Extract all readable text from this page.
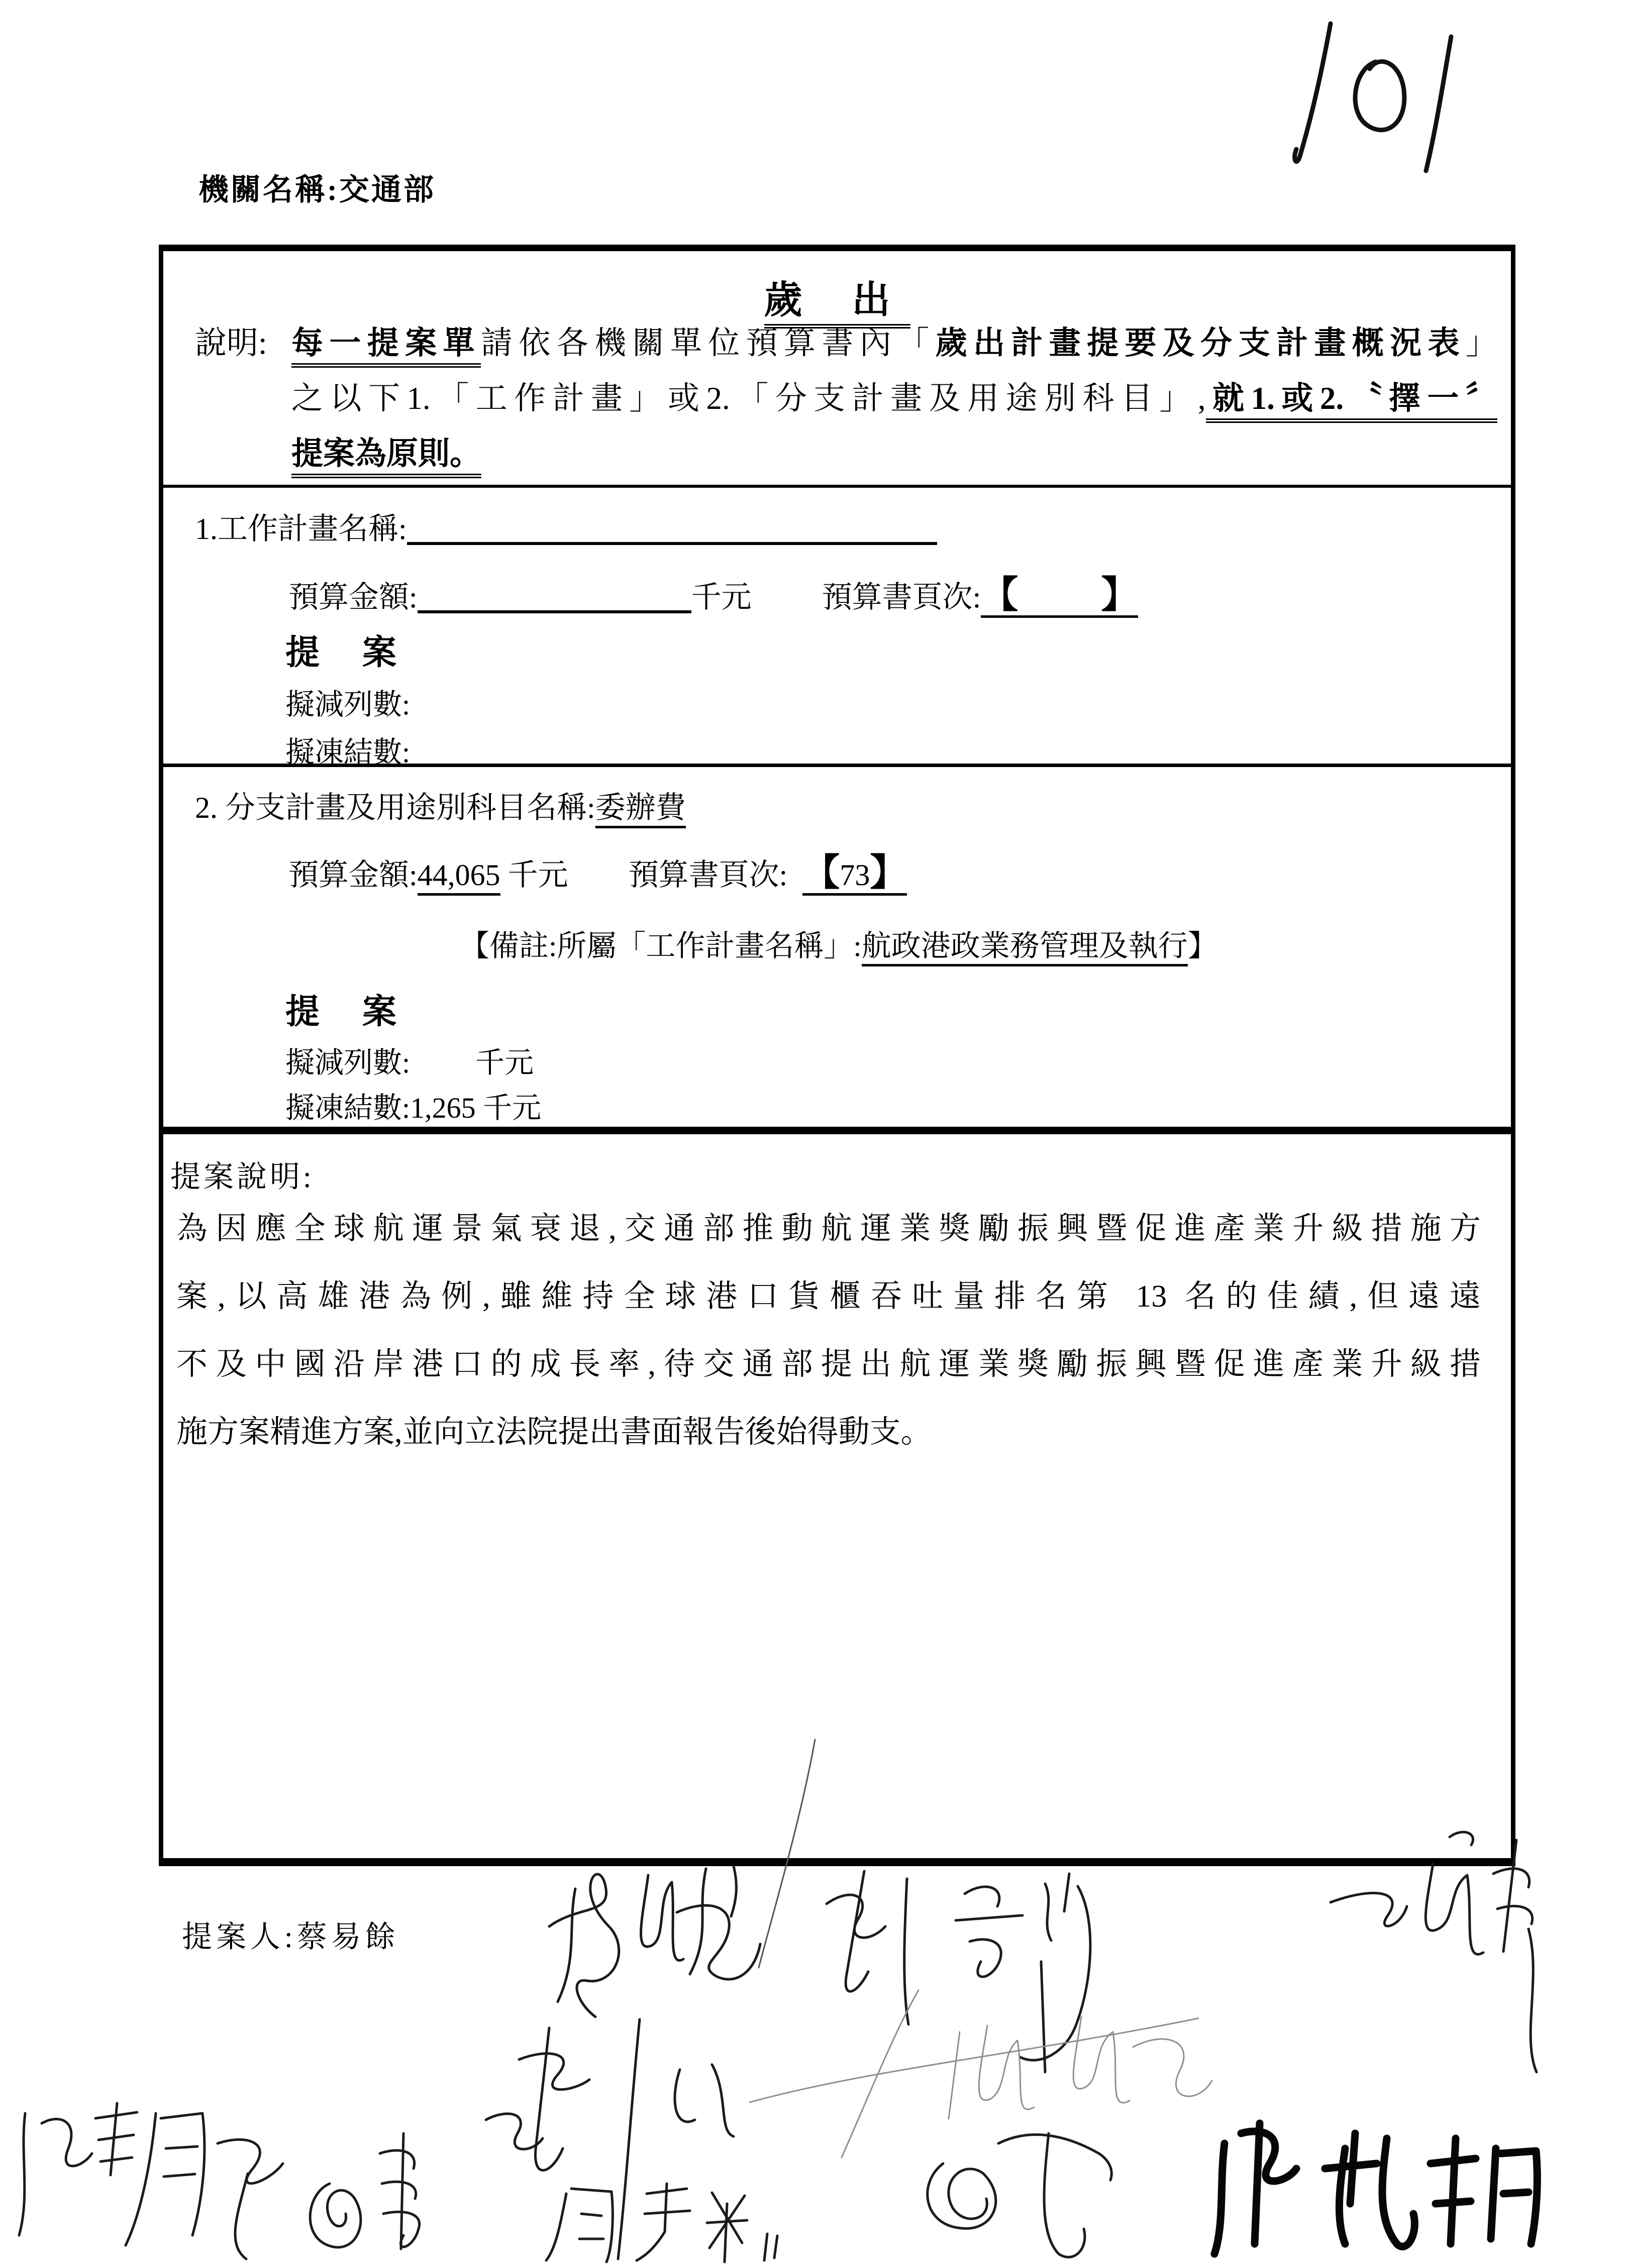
機關名稱:交通部
歲 出
說明: 每一提案單請依各機關單位預算書內「歲出計畫提要及分支計畫概況表」
之以下1.「工作計畫」或2.「分支計畫及用途別科目」,就1.或2.〝擇一〞
提案為原則。
1.工作計畫名稱:
預算金額:	千元 預算書頁次:【 】
提 案
擬減列數:
擬凍結數:
2. 分支計畫及用途別科目名稱:委辦費
預算金額:44,065 千元 預算書頁次: 【73】
【備註:所屬「工作計畫名稱」:航政港政業務管理及執行】
提 案
擬減列數: 千元
擬凍結數:1,265 千元
提案說明:
為因應全球航運景氣衰退,交通部推動航運業獎勵振興暨促進產業升級措施方
案,以高雄港為例,雖維持全球港口貨櫃吞吐量排名第 13 名的佳績,但遠遠
不及中國沿岸港口的成長率,待交通部提出航運業獎勵振興暨促進產業升級措
施方案精進方案,並向立法院提出書面報告後始得動支。
提案人:蔡易餘
